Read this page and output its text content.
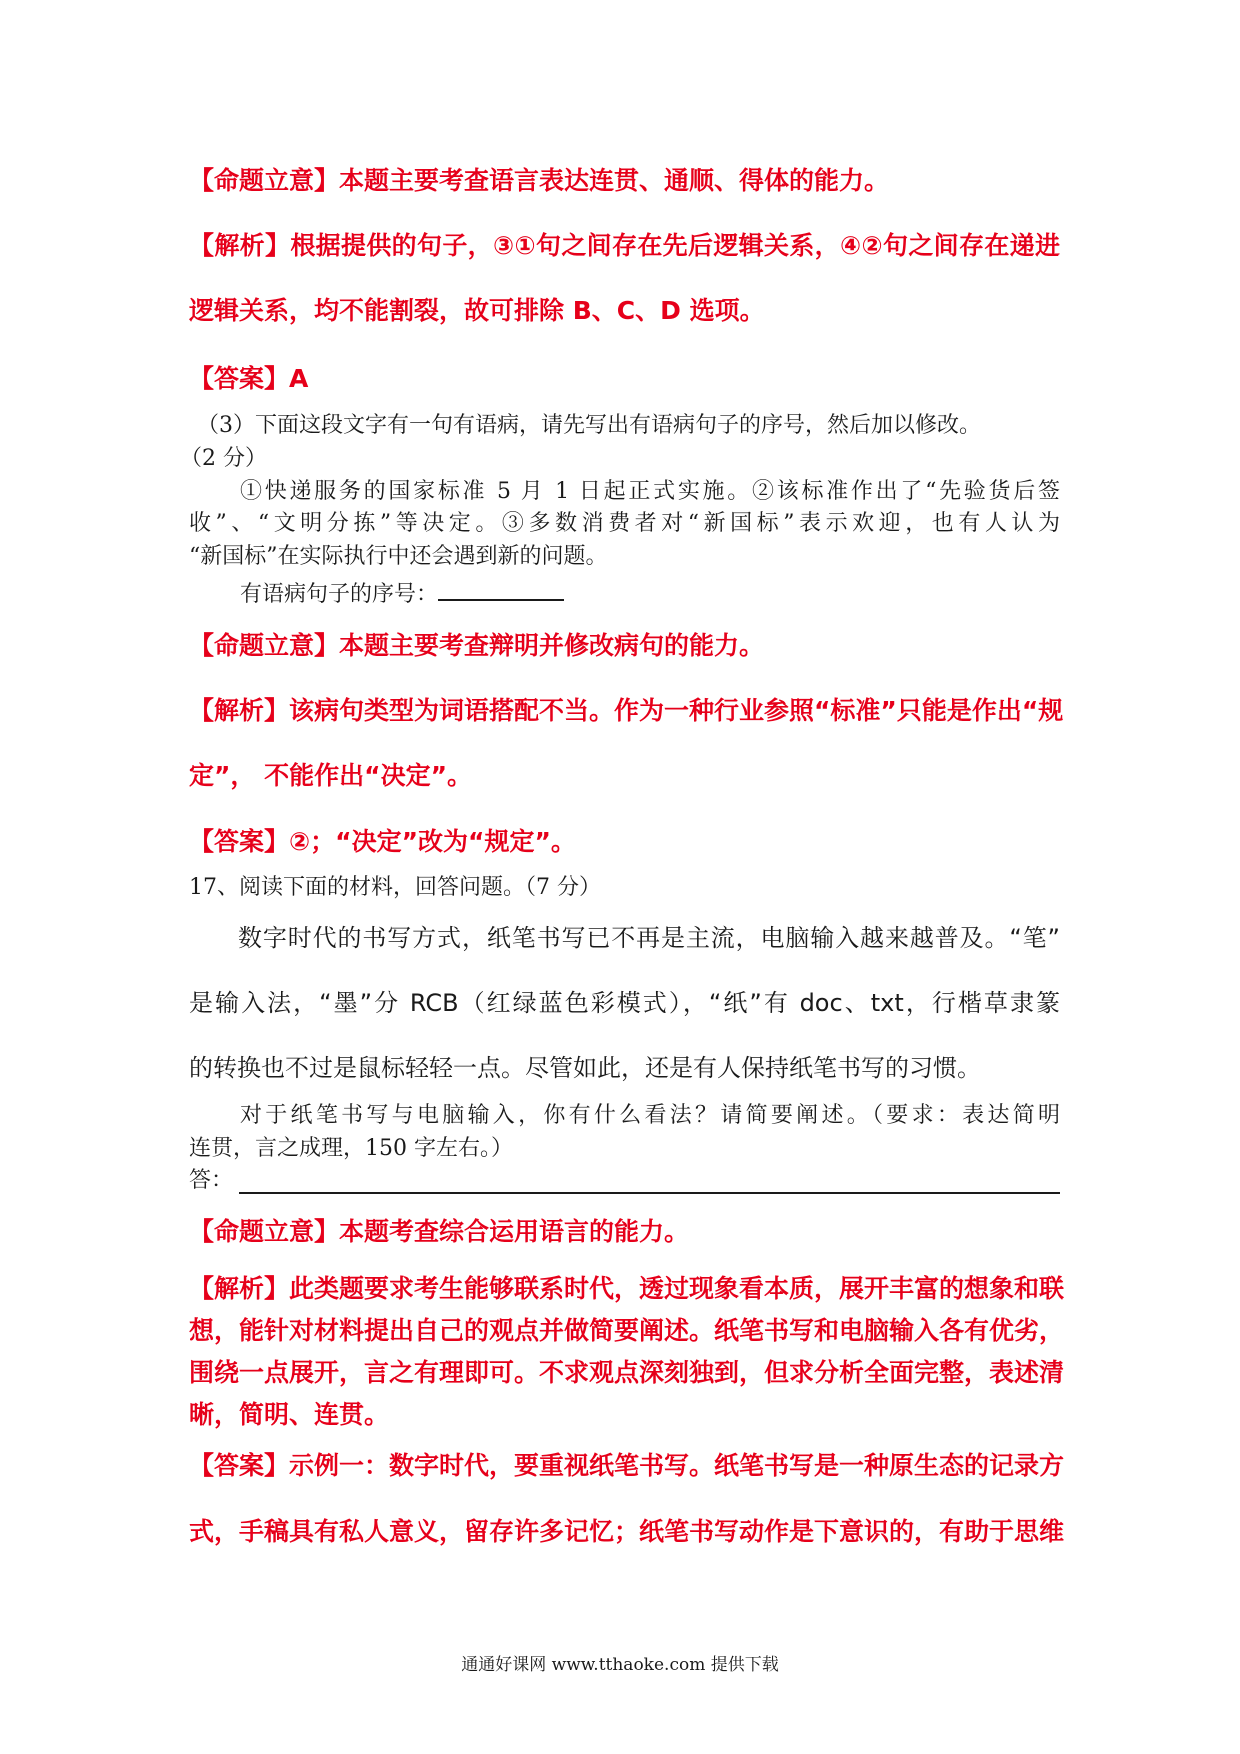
【命题立意】本题主要考查语言表达连贯、通顺、得体的能力。

【解析】根据提供的句子，③①句之间存在先后逻辑关系，④②句之间存在递进

逻辑关系，均不能割裂，故可排除 B、C、D 选项。

【答案】A

（3）下面这段文字有一句有语病，请先写出有语病句子的序号，然后加以修改。

（2 分）

①快递服务的国家标准 5 月 1 日起正式实施。②该标准作出了“先验货后签

收”、“文明分拣”等决定。③多数消费者对“新国标”表示欢迎，也有人认为

“新国标”在实际执行中还会遇到新的问题。

有语病句子的序号：

【命题立意】本题主要考查辩明并修改病句的能力。

【解析】该病句类型为词语搭配不当。作为一种行业参照“标准”只能是作出“规

定”， 不能作出“决定”。

【答案】②；“决定”改为“规定”。

17、阅读下面的材料，回答问题。（7 分）

数字时代的书写方式，纸笔书写已不再是主流，电脑输入越来越普及。“笔”

是输入法，“墨”分 RCB（红绿蓝色彩模式），“纸”有 doc、txt，行楷草隶篆

的转换也不过是鼠标轻轻一点。尽管如此，还是有人保持纸笔书写的习惯。

对于纸笔书写与电脑输入，你有什么看法？请简要阐述。（要求：表达简明

连贯，言之成理，150 字左右。）

答：

【命题立意】本题考查综合运用语言的能力。

【解析】此类题要求考生能够联系时代，透过现象看本质，展开丰富的想象和联

想，能针对材料提出自己的观点并做简要阐述。纸笔书写和电脑输入各有优劣，

围绕一点展开，言之有理即可。不求观点深刻独到，但求分析全面完整，表述清

晰，简明、连贯。

【答案】示例一：数字时代，要重视纸笔书写。纸笔书写是一种原生态的记录方

式，手稿具有私人意义，留存许多记忆；纸笔书写动作是下意识的，有助于思维

通通好课网 www.tthaoke.com 提供下载
